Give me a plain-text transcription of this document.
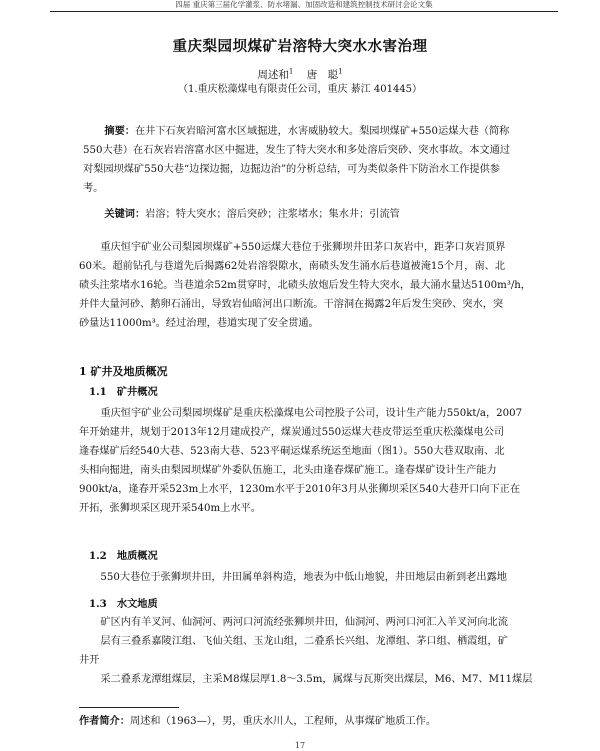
四届 重庆第三届化学灌浆、防水堵漏、加固改造和建筑控制技术研讨会论文集
重庆梨园坝煤矿岩溶特大突水水害治理
周述和$^1$ 唐　聪$^1$
（1.重庆松藻煤电有限责任公司，重庆 綦江 401445）
摘要：在井下石灰岩暗河富水区域掘进，水害威胁较大。梨园坝煤矿+550运煤大巷（简称
550大巷）在石灰岩岩溶富水区中掘进，发生了特大突水和多处溶后突砂、突水事故。本文通过
对梨园坝煤矿550大巷“边探边掘，边掘边治”的分析总结，可为类似条件下防治水工作提供参
考。
关键词：岩溶；特大突水；溶后突砂；注浆堵水；集水井；引流管
重庆恒宇矿业公司梨园坝煤矿+550运煤大巷位于张狮坝井田茅口灰岩中，距茅口灰岩顶界
60米。超前钻孔与巷道先后揭露62处岩溶裂隙水，南碛头发生涌水后巷道被淹15个月，南、北
碛头注浆堵水16轮。当巷道余52m贯穿时，北碛头放炮后发生特大突水，最大涌水量达5100m³/h，
并伴大量河砂、鹅卵石涌出，导致岩仙暗河出口断流。干溶洞在揭露2年后发生突砂、突水，突
砂量达11000m³。经过治理，巷道实现了安全贯通。
1 矿井及地质概况
1.1　矿井概况
重庆恒宇矿业公司梨园坝煤矿是重庆松藻煤电公司控股子公司，设计生产能力550kt/a，2007
年开始建井，规划于2013年12月建成投产，煤炭通过550运煤大巷皮带运至重庆松藻煤电公司
逢春煤矿后经540大巷、523南大巷、523平硐运煤系统运至地面（图1）。550大巷双取南、北
头相向掘进，南头由梨园坝煤矿外委队伍施工，北头由逢春煤矿施工。逢春煤矿设计生产能力
900kt/a，逢春开采523m上水平，1230m水平于2010年3月从张狮坝采区540大巷开口向下正在
开拓，张狮坝采区现开采540m上水平。
1.2　地质概况
550大巷位于张狮坝井田，井田属单斜构造，地表为中低山地貌，井田地层由新到老出露地
1.3　水文地质
矿区内有羊叉河、仙洞河、两河口河流经张狮坝井田，仙洞河、两河口河汇入羊叉河向北流
层有三叠系嘉陵江组、飞仙关组、玉龙山组，二叠系长兴组、龙潭组、茅口组、栖霞组，矿
井开
采二叠系龙潭组煤层，主采M8煤层厚1.8～3.5m，属煤与瓦斯突出煤层，M6、M7、M11煤层
作者简介：周述和（1963—），男，重庆水川人，工程师，从事煤矿地质工作。
17
